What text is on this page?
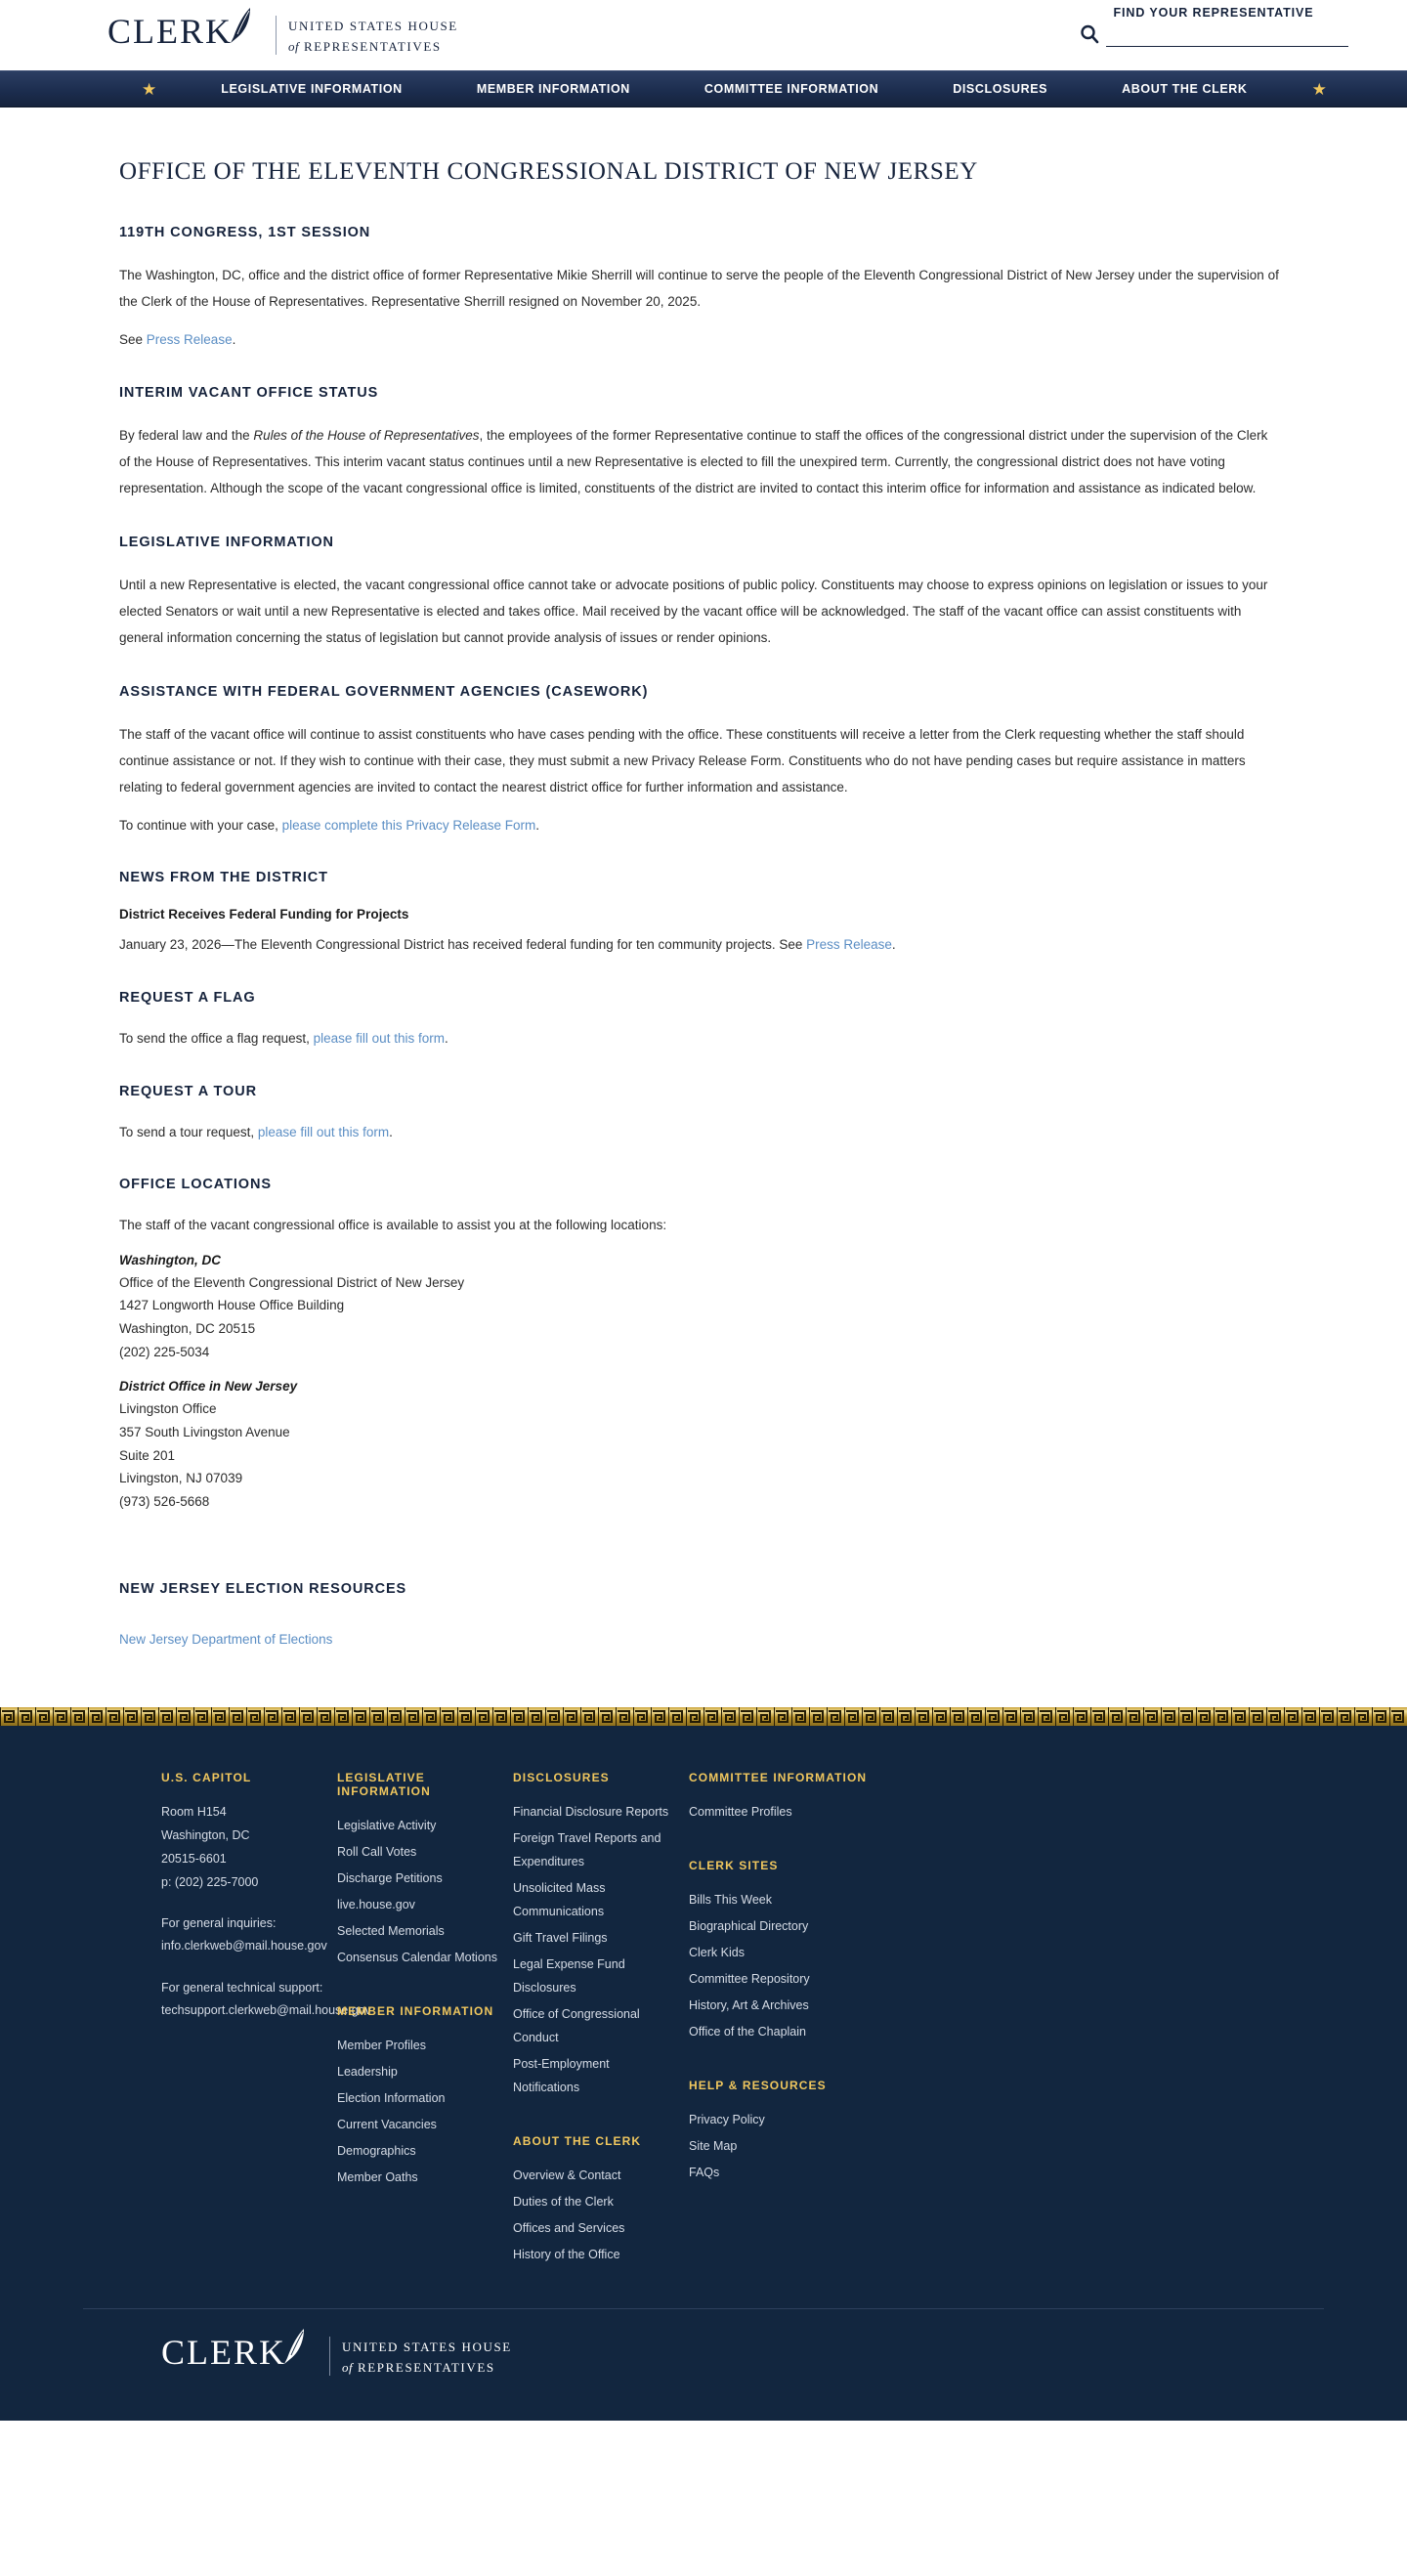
CLERK	UNITED STATES HOUSE
of REPRESENTATIVES
FIND YOUR REPRESENTATIVE
★	LEGISLATIVE INFORMATION	MEMBER INFORMATION	COMMITTEE INFORMATION	DISCLOSURES	ABOUT THE CLERK	★
OFFICE OF THE ELEVENTH CONGRESSIONAL DISTRICT OF NEW JERSEY
119TH CONGRESS, 1ST SESSION

The Washington, DC, office and the district office of former Representative Mikie Sherrill will continue to serve the people of the Eleventh Congressional District of New Jersey under the supervision of the Clerk of the House of Representatives. Representative Sherrill resigned on November 20, 2025.

See Press Release.

INTERIM VACANT OFFICE STATUS

By federal law and the Rules of the House of Representatives, the employees of the former Representative continue to staff the offices of the congressional district under the supervision of the Clerk of the House of Representatives. This interim vacant status continues until a new Representative is elected to fill the unexpired term. Currently, the congressional district does not have voting representation. Although the scope of the vacant congressional office is limited, constituents of the district are invited to contact this interim office for information and assistance as indicated below.

LEGISLATIVE INFORMATION

Until a new Representative is elected, the vacant congressional office cannot take or advocate positions of public policy. Constituents may choose to express opinions on legislation or issues to your elected Senators or wait until a new Representative is elected and takes office. Mail received by the vacant office will be acknowledged. The staff of the vacant office can assist constituents with general information concerning the status of legislation but cannot provide analysis of issues or render opinions.

ASSISTANCE WITH FEDERAL GOVERNMENT AGENCIES (CASEWORK)

The staff of the vacant office will continue to assist constituents who have cases pending with the office. These constituents will receive a letter from the Clerk requesting whether the staff should continue assistance or not. If they wish to continue with their case, they must submit a new Privacy Release Form. Constituents who do not have pending cases but require assistance in matters relating to federal government agencies are invited to contact the nearest district office for further information and assistance.

To continue with your case, please complete this Privacy Release Form.

NEWS FROM THE DISTRICT
District Receives Federal Funding for Projects

January 23, 2026—The Eleventh Congressional District has received federal funding for ten community projects. See Press Release.

REQUEST A FLAG

To send the office a flag request, please fill out this form.

REQUEST A TOUR

To send a tour request, please fill out this form.

OFFICE LOCATIONS

The staff of the vacant congressional office is available to assist you at the following locations:

Washington, DC
Office of the Eleventh Congressional District of New Jersey
1427 Longworth House Office Building
Washington, DC 20515
(202) 225-5034
District Office in New Jersey
Livingston Office
357 South Livingston Avenue
Suite 201
Livingston, NJ 07039
(973) 526-5668
NEW JERSEY ELECTION RESOURCES
New Jersey Department of Elections
U.S. CAPITOL
Room H154
Washington, DC
20515-6601
p: (202) 225-7000
For general inquiries:
info.clerkweb@mail.house.gov
For general technical support:
techsupport.clerkweb@mail.house.gov
LEGISLATIVE INFORMATION
Legislative Activity
Roll Call Votes
Discharge Petitions
live.house.gov
Selected Memorials
Consensus Calendar Motions
MEMBER INFORMATION
Member Profiles
Leadership
Election Information
Current Vacancies
Demographics
Member Oaths
DISCLOSURES
Financial Disclosure Reports
Foreign Travel Reports and Expenditures
Unsolicited Mass Communications
Gift Travel Filings
Legal Expense Fund Disclosures
Office of Congressional Conduct
Post-Employment Notifications
ABOUT THE CLERK
Overview & Contact
Duties of the Clerk
Offices and Services
History of the Office
COMMITTEE INFORMATION
Committee Profiles
CLERK SITES
Bills This Week
Biographical Directory
Clerk Kids
Committee Repository
History, Art & Archives
Office of the Chaplain
HELP & RESOURCES
Privacy Policy
Site Map
FAQs
CLERK	UNITED STATES HOUSE
of REPRESENTATIVES
